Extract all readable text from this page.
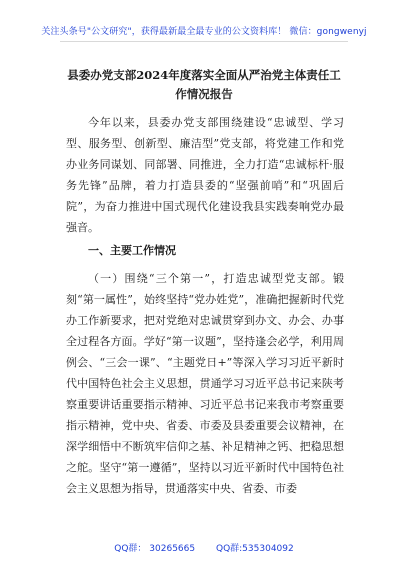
关注头条号"公文研究"，获得最新最全最专业的公文资料库！ 微信：gongwenyj
县委办党支部2024年度落实全面从严治党主体责任工作情况报告

今年以来，县委办党支部围绕建设“忠诚型、学习型、服务型、创新型、廉洁型”党支部，将党建工作和党办业务同谋划、同部署、同推进，全力打造“忠诚标杆·服务先锋”品牌，着力打造县委的“坚强前哨”和“巩固后院”，为奋力推进中国式现代化建设我县实践奏响党办最强音。

一、主要工作情况

（一）围绕“三个第一”，打造忠诚型党支部。锻刻“第一属性”，始终坚持“党办姓党”，准确把握新时代党办工作新要求，把对党绝对忠诚贯穿到办文、办会、办事全过程各方面。学好“第一议题”，坚持逢会必学，利用周例会、“三会一课”、“主题党日+”等深入学习习近平新时代中国特色社会主义思想，贯通学习习近平总书记来陕考察重要讲话重要指示精神、习近平总书记来我市考察重要指示精神，党中央、省委、市委及县委重要会议精神，在深学细悟中不断筑牢信仰之基、补足精神之钙、把稳思想之舵。坚守“第一遵循”，坚持以习近平新时代中国特色社会主义思想为指导，贯通落实中央、省委、市委

QQ群： 30265665 QQ群:535304092
